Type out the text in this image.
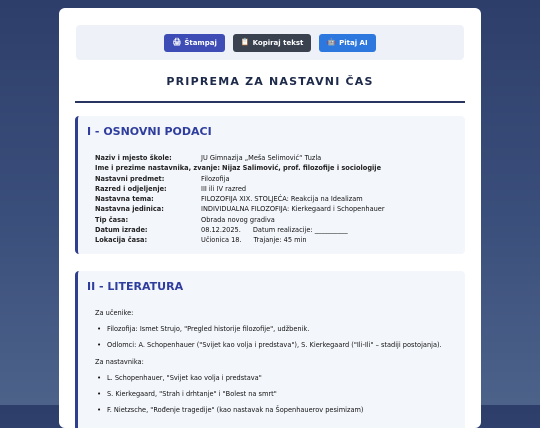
🖨 Štampaj	📋 Kopiraj tekst	🤖 Pitaj AI
PRIPREMA ZA NASTAVNI ČAS
I - OSNOVNI PODACI
Naziv i mjesto škole:	JU Gimnazija „Meša Selimović“ Tuzla
Ime i prezime nastavnika, zvanje: Nijaz Salimović, prof. filozofije i sociologije
Nastavni predmet:	Filozofija
Razred i odjeljenje:	III ili IV razred
Nastavna tema:	FILOZOFIJA XIX. STOLJEĆA: Reakcija na Idealizam
Nastavna jedinica:	INDIVIDUALNA FILOZOFIJA: Kierkegaard i Schopenhauer
Tip časa:	Obrada novog gradiva
Datum izrade:	08.12.2025. Datum realizacije: __________
Lokacija časa:	Učionica 18. Trajanje: 45 min
II - LITERATURA
Za učenike:
• Filozofija: Ismet Strujo, "Pregled historije filozofije", udžbenik.
• Odlomci: A. Schopenhauer ("Svijet kao volja i predstava"), S. Kierkegaard ("Ili-Ili" – stadiji postojanja).
Za nastavnika:
• L. Schopenhauer, "Svijet kao volja i predstava"
• S. Kierkegaard, "Strah i drhtanje" i "Bolest na smrt"
• F. Nietzsche, "Rođenje tragedije" (kao nastavak na Šopenhauerov pesimizam)
